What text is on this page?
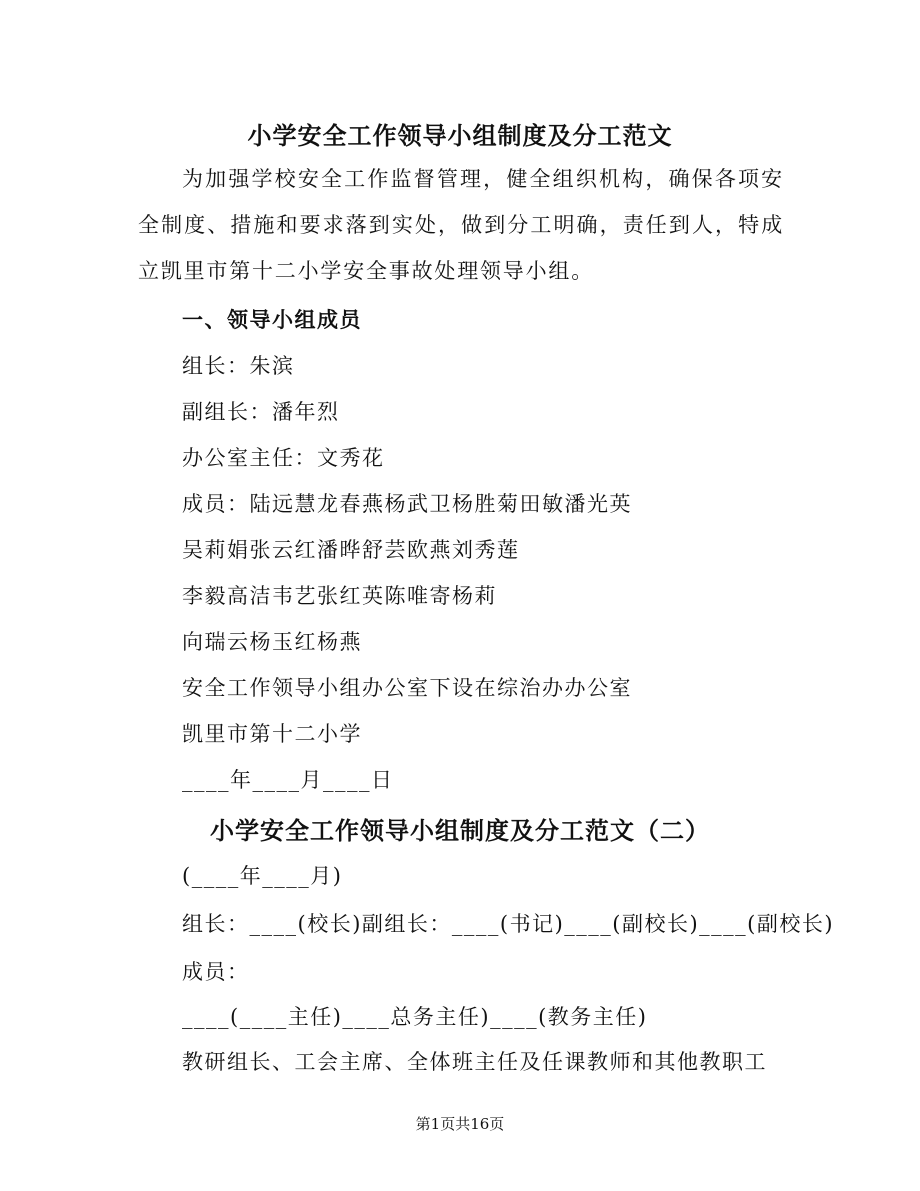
小学安全工作领导小组制度及分工范文
为加强学校安全工作监督管理，健全组织机构，确保各项安全制度、措施和要求落到实处，做到分工明确，责任到人，特成立凯里市第十二小学安全事故处理领导小组。
一、领导小组成员
组长：朱滨
副组长：潘年烈
办公室主任：文秀花
成员：陆远慧龙春燕杨武卫杨胜菊田敏潘光英
吴莉娟张云红潘晔舒芸欧燕刘秀莲
李毅高洁韦艺张红英陈唯寄杨莉
向瑞云杨玉红杨燕
安全工作领导小组办公室下设在综治办办公室
凯里市第十二小学
____年____月____日
小学安全工作领导小组制度及分工范文（二）
(____年____月)
组长：____(校长)副组长：____(书记)____(副校长)____(副校长)
成员：
____(____主任)____总务主任)____(教务主任)
教研组长、工会主席、全体班主任及任课教师和其他教职工
第1页共16页
